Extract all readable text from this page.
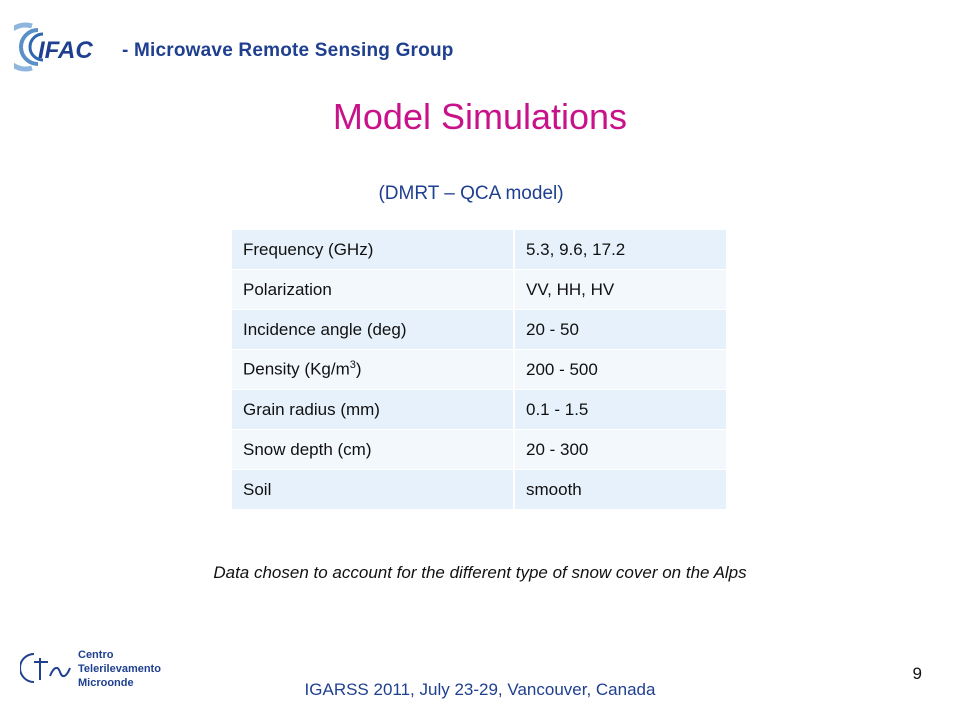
IFAC - Microwave Remote Sensing Group
Model Simulations
(DMRT – QCA model)
Frequency (GHz)	5.3, 9.6, 17.2
Polarization	VV, HH, HV
Incidence angle (deg)	20 - 50
Density $(Kg/m^3)$	200 - 500
Grain radius (mm)	0.1 - 1.5
Snow depth (cm)	20 - 300
Soil	smooth
Data chosen to account for the different type of snow cover on the Alps
Centro
Telerilevamento
Microonde	IGARSS 2011, July 23-29, Vancouver, Canada
9
